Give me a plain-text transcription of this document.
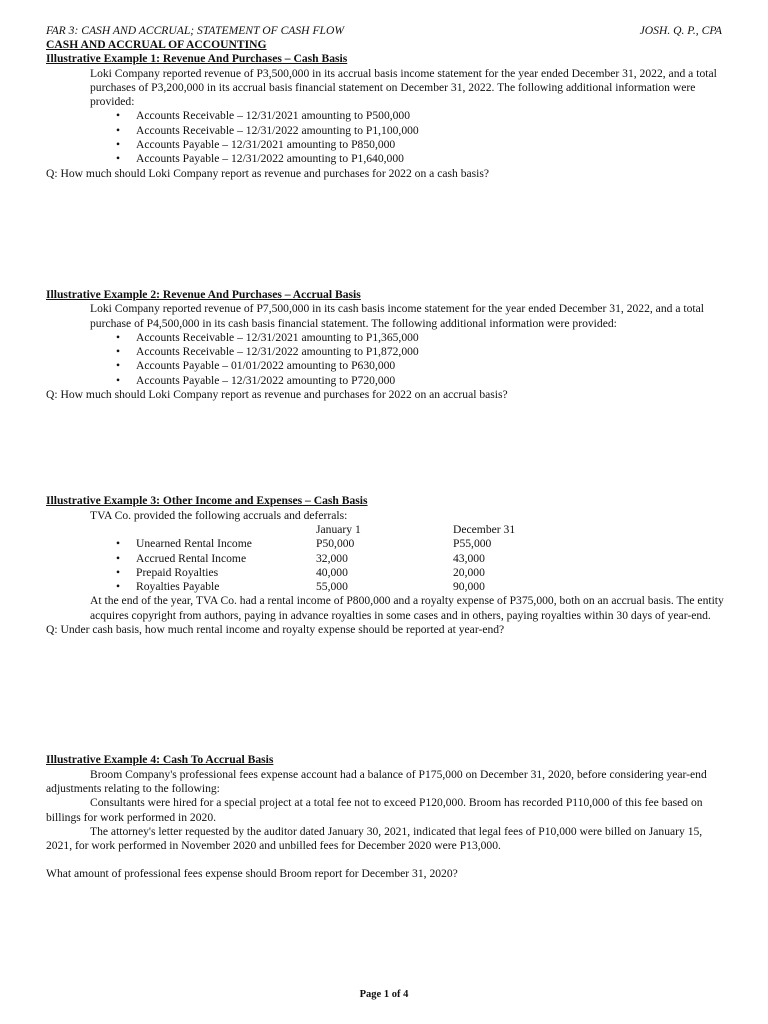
FAR 3: CASH AND ACCRUAL; STATEMENT OF CASH FLOW	JOSH. Q. P., CPA
CASH AND ACCRUAL OF ACCOUNTING
Illustrative Example 1: Revenue And Purchases – Cash Basis

Loki Company reported revenue of P3,500,000 in its accrual basis income statement for the year ended December 31, 2022, and a total purchases of P3,200,000 in its accrual basis financial statement on December 31, 2022. The following additional information were provided:

• Accounts Receivable – 12/31/2021 amounting to P500,000
• Accounts Receivable – 12/31/2022 amounting to P1,100,000
• Accounts Payable – 12/31/2021 amounting to P850,000
• Accounts Payable – 12/31/2022 amounting to P1,640,000

Q: How much should Loki Company report as revenue and purchases for 2022 on a cash basis?

Illustrative Example 2: Revenue And Purchases – Accrual Basis

Loki Company reported revenue of P7,500,000 in its cash basis income statement for the year ended December 31, 2022, and a total purchase of P4,500,000 in its cash basis financial statement. The following additional information were provided:

• Accounts Receivable – 12/31/2021 amounting to P1,365,000
• Accounts Receivable – 12/31/2022 amounting to P1,872,000
• Accounts Payable – 01/01/2022 amounting to P630,000
• Accounts Payable – 12/31/2022 amounting to P720,000

Q: How much should Loki Company report as revenue and purchases for 2022 on an accrual basis?

Illustrative Example 3: Other Income and Expenses – Cash Basis

TVA Co. provided the following accruals and deferrals:

	January 1	December 31
• Unearned Rental Income	P50,000	P55,000
• Accrued Rental Income	32,000	43,000
• Prepaid Royalties	40,000	20,000
• Royalties Payable	55,000	90,000

At the end of the year, TVA Co. had a rental income of P800,000 and a royalty expense of P375,000, both on an accrual basis. The entity acquires copyright from authors, paying in advance royalties in some cases and in others, paying royalties within 30 days of year-end.

Q: Under cash basis, how much rental income and royalty expense should be reported at year-end?

Illustrative Example 4: Cash To Accrual Basis

Broom Company's professional fees expense account had a balance of P175,000 on December 31, 2020, before considering year-end adjustments relating to the following:

Consultants were hired for a special project at a total fee not to exceed P120,000. Broom has recorded P110,000 of this fee based on billings for work performed in 2020.

The attorney's letter requested by the auditor dated January 30, 2021, indicated that legal fees of P10,000 were billed on January 15, 2021, for work performed in November 2020 and unbilled fees for December 2020 were P13,000.

What amount of professional fees expense should Broom report for December 31, 2020?

Page 1 of 4
